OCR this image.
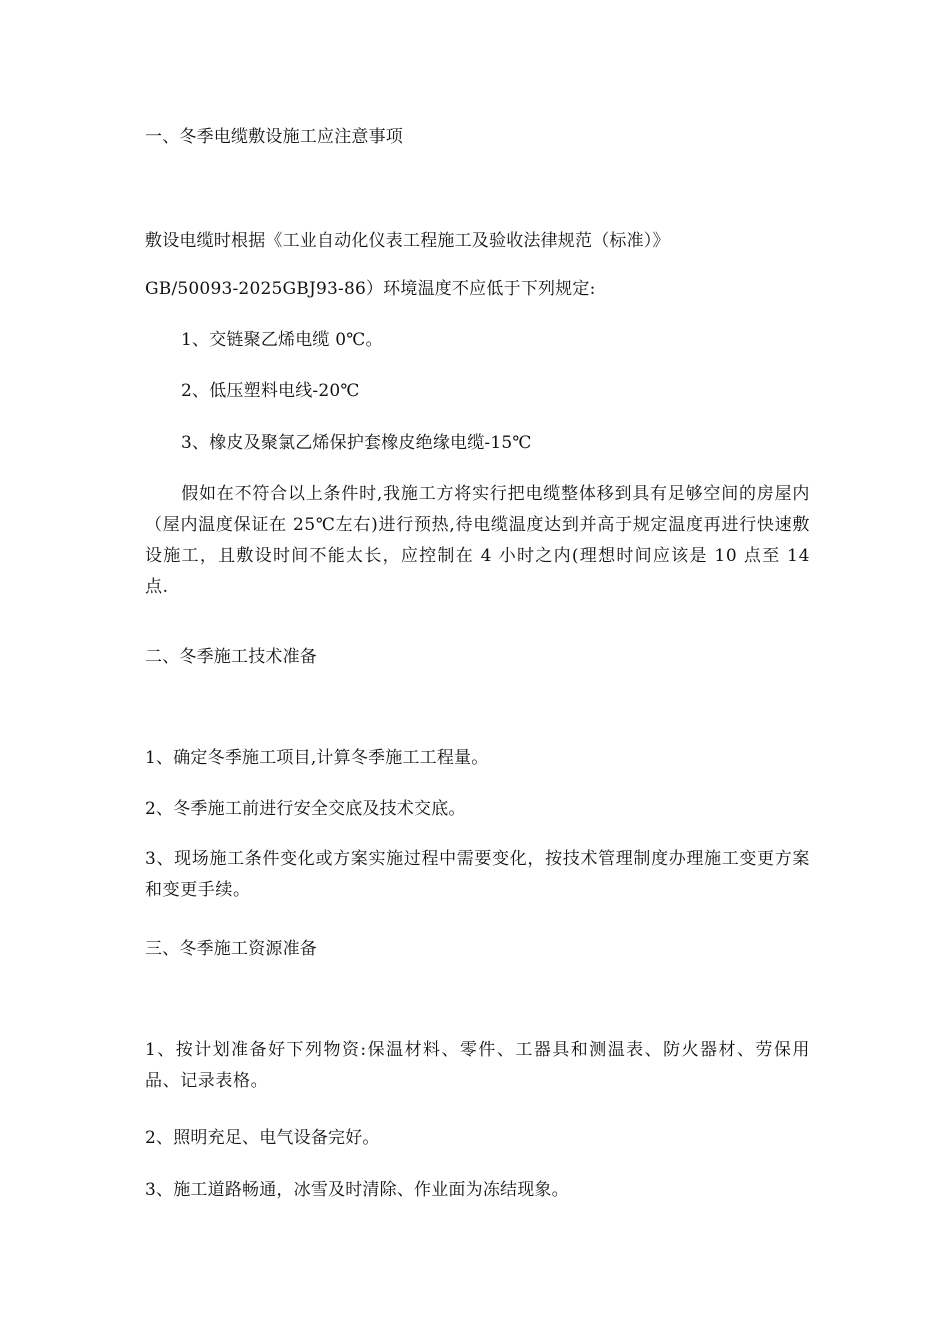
一、冬季电缆敷设施工应注意事项
敷设电缆时根据《工业自动化仪表工程施工及验收法律规范（标准）》
GB/50093-2025GBJ93-86）环境温度不应低于下列规定:
1、交链聚乙烯电缆 0℃。
2、低压塑料电线-20℃
3、橡皮及聚氯乙烯保护套橡皮绝缘电缆-15℃
假如在不符合以上条件时,我施工方将实行把电缆整体移到具有足够空间的房屋内（屋内温度保证在 25℃左右)进行预热,待电缆温度达到并高于规定温度再进行快速敷设施工，且敷设时间不能太长，应控制在 4 小时之内(理想时间应该是 10 点至 14 点.
二、冬季施工技术准备
1、确定冬季施工项目,计算冬季施工工程量。
2、冬季施工前进行安全交底及技术交底。
3、现场施工条件变化或方案实施过程中需要变化，按技术管理制度办理施工变更方案和变更手续。
三、冬季施工资源准备
1、按计划准备好下列物资:保温材料、零件、工器具和测温表、防火器材、劳保用品、记录表格。
2、照明充足、电气设备完好。
3、施工道路畅通，冰雪及时清除、作业面为冻结现象。
